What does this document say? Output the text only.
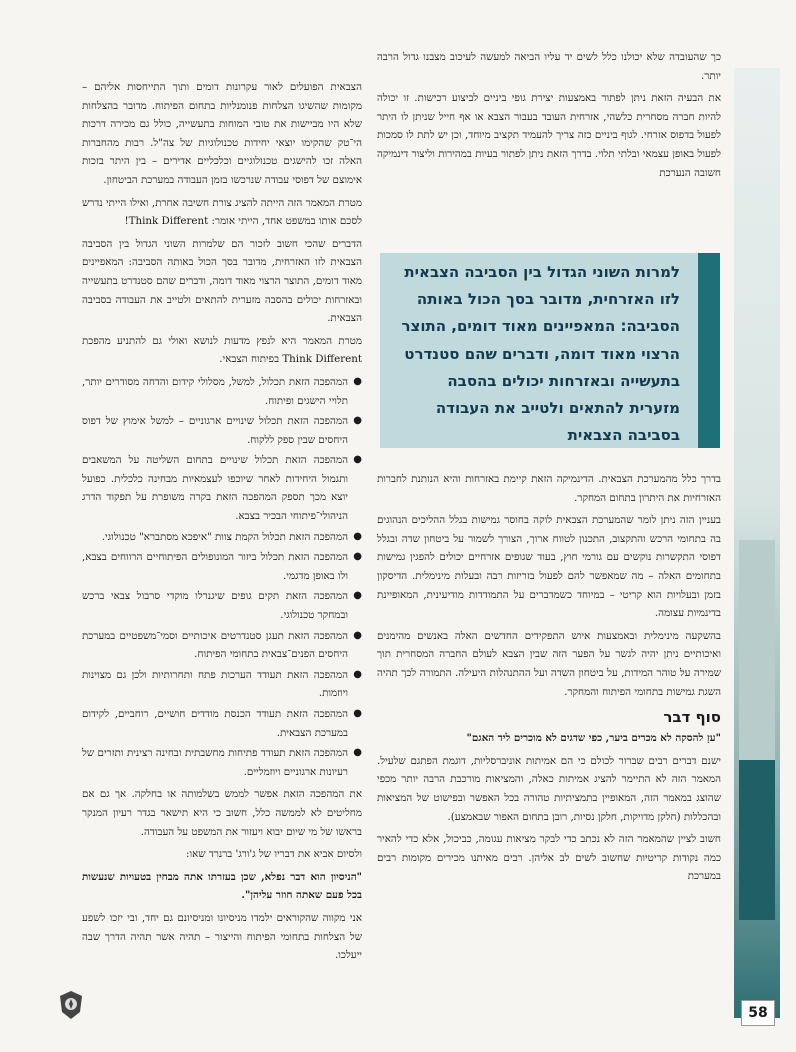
כך שהעובדה שלא יכולנו כלל לשים יד עליו הביאה למעשה לעיכוב מצבנו גדול הרבה יותר.

את הבעיה הזאת ניתן לפתור באמצעות יצירת גופי ביניים לביצוע רכישות. זו יכולה להיות חברה מסחרית כלשהי, אזרחית העובד בעבור הצבא או אף חייל שניתן לו היתר לפעול בדפוס אזרחי. לגוף ביניים כזה צריך להעמיד תקציב מיוחד, וכן יש לתת לו סמכות לפעול באופן עצמאי ובלתי תלוי. בדרך הזאת ניתן לפתור בעיות במהירות וליצור דינמיקה חשובה הנערכת

למרות השוני הגדול בין הסביבה הצבאית לזו האזרחית, מדובר בסך הכול באותה הסביבה: המאפיינים מאוד דומים, התוצר הרצוי מאוד דומה, ודברים שהם סטנדרט בתעשייה ובאזרחות יכולים בהסבה מזערית להתאים ולטייב את העבודה בסביבה הצבאית

בדרך כלל מהמערכת הצבאית. הדינמיקה הזאת קיימת באזרחות והיא הנותנת לחברות האזרחיות את היתרון בתחום המחקר.

בעניין הזה ניתן לומר שהמערכת הצבאית לוקה בחוסר גמישות בגלל ההליכים הנהוגים בה בתחומי הרכש והתקצוב, התכנון לטווח ארוך, הצורך לשמור על ביטחון שדה ובגלל דפוסי התקשרות נוקשים עם גורמי חוץ, בעוד שגופים אזרחיים יכולים להפגין גמישות בתחומים האלה – מה שמאפשר להם לפעול בזריזות רבה ובעלות מינימלית. הדיסקון בזמן ובעלויות הוא קריטי – במיוחד כשמדברים על התמודדות מודיעינית, המאופיינת בדינמיות עצומה.

בהשקעה מינימלית ובאמצעות איוש התפקידים החדשים האלה באנשים מהימנים ואיכותיים ניתן יהיה לגשר על הפער הזה שבין הצבא לעולם החברה המסחרית תוך שמירה על טוהר המידות, על ביטחון השדה ועל ההתנהלות היעילה. התמורה לכך תהיה השגת גמישות בתחומי הפיתוח והמחקר.

סוף דבר

"עזָ להסקה לא מכרים ביער, כפי שדגים לא מוכרים ליד האגם"

ישנם דברים רבים שברור לכולם כי הם אמיתות אוניברסליות, דוגמת הפתגם שלעיל. המאמר הזה לא התיימר להציג אמיתות כאלה, והמציאות מורכבת הרבה יותר מכפי שהוצג במאמר הזה, המאופיין בתמציתיות טהורה בכל האפשר ובפישוט של המציאות ובהכללות (חלקן מדויקות, חלקן נסיות, רובן בתחום האפור שבאמצע).

חשוב לציין שהמאמר הזה לא נכתב כדי לבקר מציאות עגומה, כביכול, אלא כדי להאיר כמה נקודות קריטיות שחשוב לשים לב אליהן. רבים מאיתנו מכירים מקומות רבים במערכת

הצבאית הפועלים לאור עקרונות דומים ותוך התייחסות אליהם – מקומות שהשיגו הצלחות פנומנליות בתחום הפיתוח. מדובר בהצלחות שלא היו מביישות את טובי המוחות בתעשייה, כולל גם מכירה דרכות הי־טק שהקימו יוצאי יחידות טכנולוגיות של צה"ל. רבות מהחברות האלה זכו להישגים טכנולוגיים וכלכליים אדירים – בין היתר בזכות אימוצם של דפוסי עבודה שנרכשו בזמן העבודה במערכת הביטחון.

מטרת המאמר הזה הייתה להציג צורת חשיבה אחרת, ואילו הייתי נדרש לסכם אותו במשפט אחד, הייתי אומר: Think Different!

הדברים שהכי חשוב לזכור הם שלמרות השוני הגדול בין הסביבה הצבאית לזו האזרחית, מדובר בסך הכול באותה הסביבה: המאפיינים מאוד דומים, התוצר הרצוי מאוד דומה, ודברים שהם סטנדרט בתעשייה ובאזרחות יכולים בהסבה מזערית להתאים ולטייב את העבודה בסביבה הצבאית.

מטרת המאמר היא לנפץ מדעות לנושא ואולי גם להתניע מהפכת Think Different בפיתוח הצבאי.

● המהפכה הזאת תכלול, למשל, מסלולי קידום והדחה מסודרים יותר, תלויי הישגים ופיתוח.
● המהפכה הזאת תכלול שינויים ארגוניים – למשל אימוץ של דפוס היחסים שבין ספק ללקוח.
● המהפכה הזאת תכלול שינויים בתחום השליטה על המשאבים ותגמול היחידות לאחר שיוכפו לעצמאיות מבחינה כלכלית. כפועל יוצא מכך תספק המהפכה הזאת בקרה משופרת על תפקוד הדרג הניהולי־פיתוחי הבכיר בצבא.
● המהפכה הזאת תכלול הקמת צוות "איפכא מסתברא" טכנולוגי.
● המהפכה הזאת תכלול ביזור המונופולים הפיתוחיים הרווחים בצבא, ולו באופן מדגמי.
● המהפכה הזאת תקים גופים שיגנרלו מוקדי סרבול צבאי ברכש ובמחקר טכנולוגי.
● המהפכה הזאת תעגן סטנדרטים איכותיים וסמי־משפטיים במערכת היחסים הפנים־צבאית בתחומי הפיתוח.
● המהפכה הזאת תעודד הערכות פתח ותחרותיות ולכן גם מצוינות ויוזמות.
● המהפכה הזאת תעודד הכנסת מודדים חושיים, רוחביים, לקידום במערכת הצבאית.
● המהפכה הזאת תעודד פתיחות מחשבתית ובחינה רצינית ותזרים של רעיונות ארגוניים ויוזמליים.

את המהפכה הזאת אפשר לממש בשלמותה או בחלקה. אך גם אם מחליטים לא לממשה כלל, חשוב כי היא תישאר בגדר רעיון המנקר בראשו של מי שיום יבוא ויעזור את המשפט על העבודה.

ולסיום אביא את דבריו של ג'ורג' ברנרד שאו:

"הניסיון הוא דבר נפלא, שכן בעזרתו אתה מבחין בטעויות שנעשות בכל פעם שאתה חוזר עליהן".

אני מקווה שהקוראים ילמדו מניסיונו ומניסיונם גם יחד, ובי יזכו לשפע של הצלחות בתחומי הפיתוח והייצור – תהיה אשר תהיה הדרך שבה ייעלכו.

58
